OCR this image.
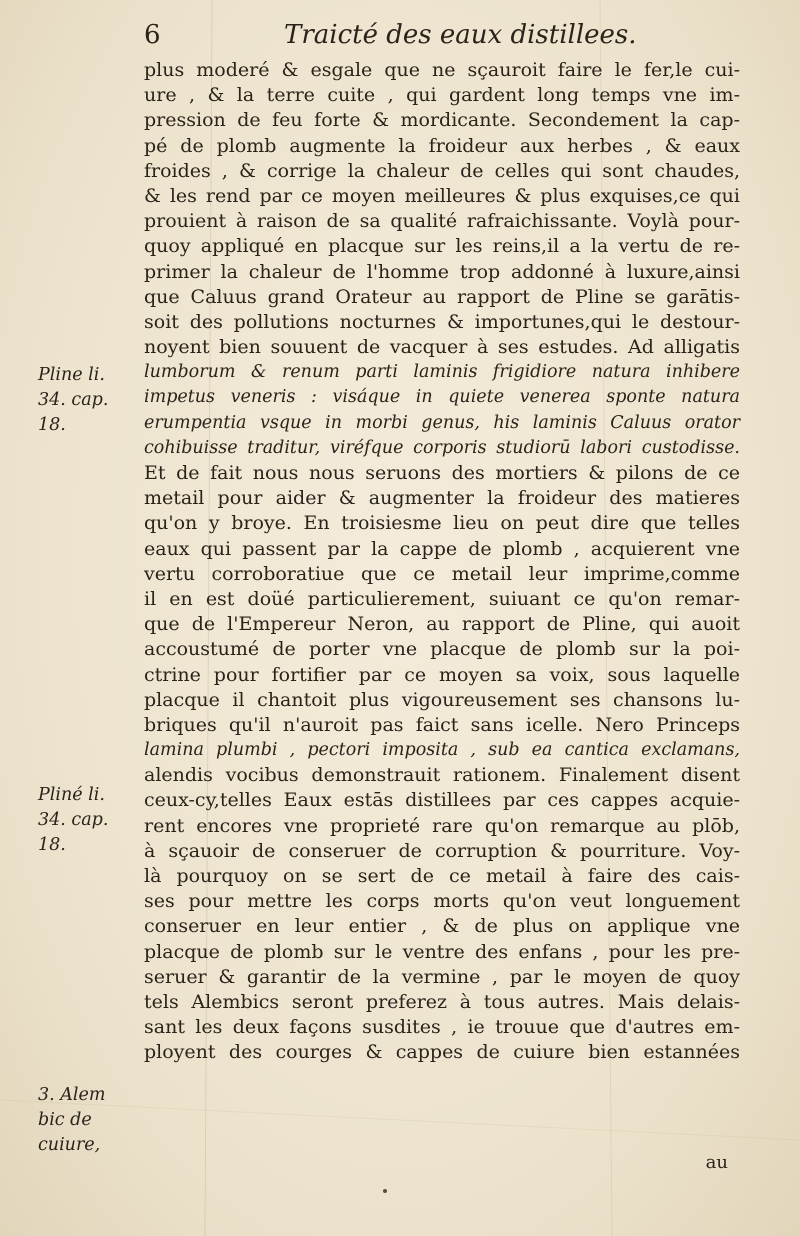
6	Traicté des eaux distillees.
Pline li.
34. cap.
18.
Pliné li.
34. cap.
18.
3. Alem
bic de
cuiure,
plus moderé & esgale que ne sçauroit faire le fer,le cui-
ure , & la terre cuite , qui gardent long temps vne im-
pression de feu forte & mordicante. Secondement la cap-
pé de plomb augmente la froideur aux herbes , & eaux
froides , & corrige la chaleur de celles qui sont chaudes,
& les rend par ce moyen meilleures & plus exquises,ce qui
prouient à raison de sa qualité rafraichissante. Voylà pour-
quoy appliqué en placque sur les reins,il a la vertu de re-
primer la chaleur de l'homme trop addonné à luxure,ainsi
que Caluus grand Orateur au rapport de Pline se garātis-
soit des pollutions nocturnes & importunes,qui le destour-
noyent bien souuent de vacquer à ses estudes. Ad alligatis
lumborum & renum parti laminis frigidiore natura inhibere
impetus veneris : visáque in quiete venerea sponte natura
erumpentia vsque in morbi genus, his laminis Caluus orator
cohibuisse traditur, viréfque corporis studiorū labori custodisse.
Et de fait nous nous seruons des mortiers & pilons de ce
metail pour aider & augmenter la froideur des matieres
qu'on y broye. En troisiesme lieu on peut dire que telles
eaux qui passent par la cappe de plomb , acquierent vne
vertu corroboratiue que ce metail leur imprime,comme
il en est doüé particulierement, suiuant ce qu'on remar-
que de l'Empereur Neron, au rapport de Pline, qui auoit
accoustumé de porter vne placque de plomb sur la poi-
ctrine pour fortifier par ce moyen sa voix, sous laquelle
placque il chantoit plus vigoureusement ses chansons lu-
briques qu'il n'auroit pas faict sans icelle. Nero Princeps
lamina plumbi , pectori imposita , sub ea cantica exclamans,
alendis vocibus demonstrauit rationem. Finalement disent
ceux-cy,telles Eaux estās distillees par ces cappes acquie-
rent encores vne proprieté rare qu'on remarque au plōb,
à sçauoir de conseruer de corruption & pourriture. Voy-
là pourquoy on se sert de ce metail à faire des cais-
ses pour mettre les corps morts qu'on veut longuement
conseruer en leur entier , & de plus on applique vne
placque de plomb sur le ventre des enfans , pour les pre-
seruer & garantir de la vermine , par le moyen de quoy
tels Alembics seront preferez à tous autres. Mais delais-
sant les deux façons susdites , ie trouue que d'autres em-
ployent des courges & cappes de cuiure bien estannées
au
